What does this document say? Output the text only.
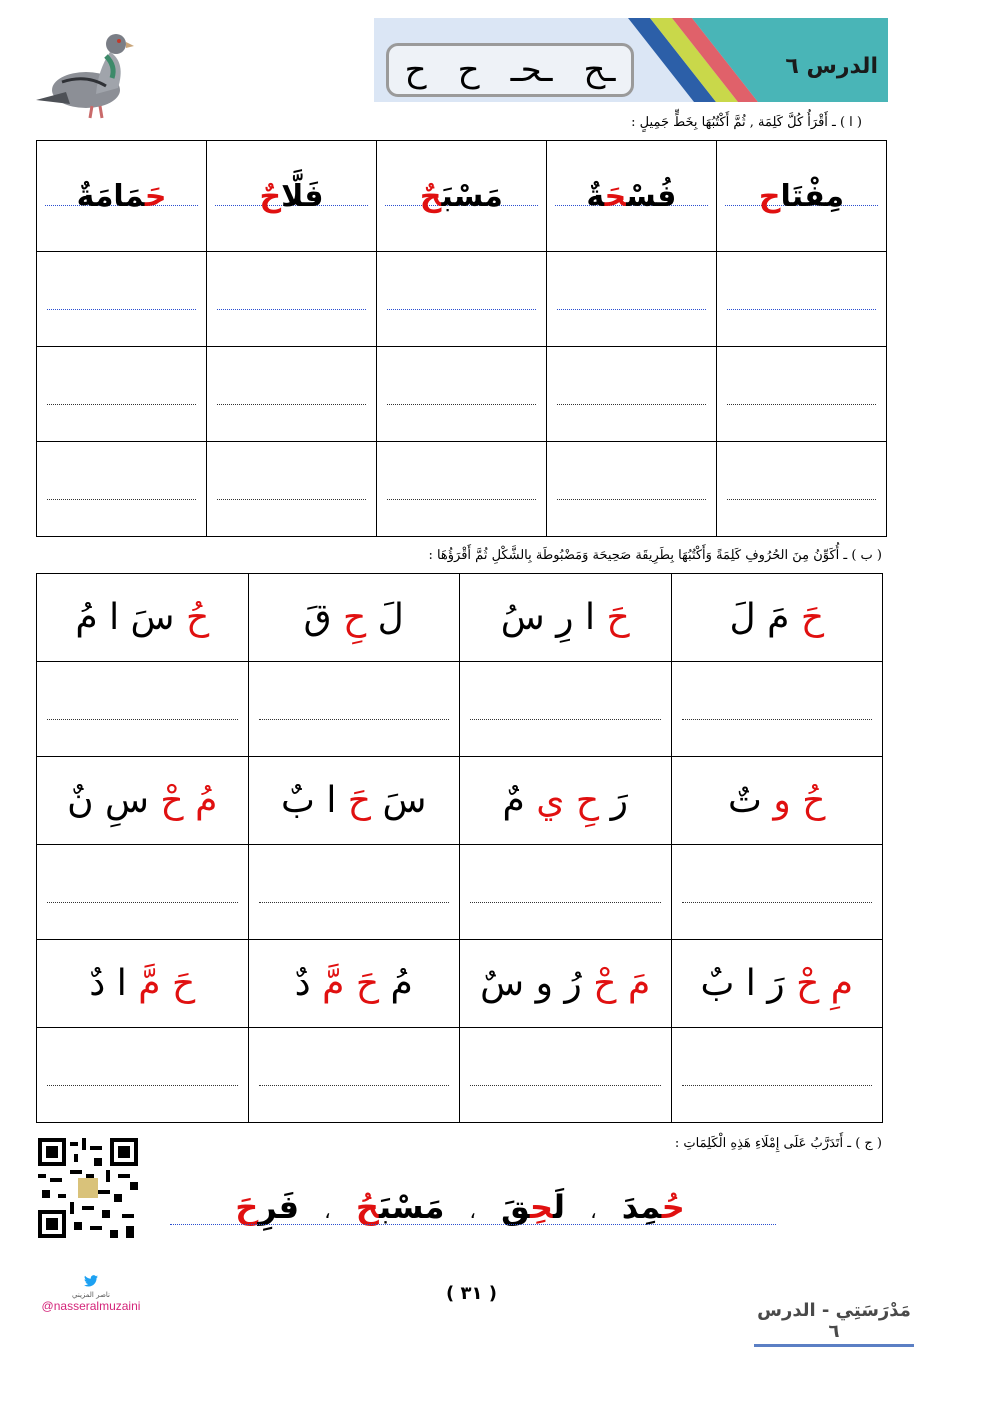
ـح
ـحـ
ح
ح	الدرس ٦
( ا ) ـ أَقْرَأُ كُلَّ كَلِمَة , ثُمَّ أَكْتُبُهَا بِخَطٍّ جَمِيلٍ :
مِفْتَاح	فُسْحَةٌ	مَسْبَحٌ	فَلَّاحٌ	حَمَامَةٌ

( ب ) ـ أُكَوِّنُ مِنَ الحُرُوفِ كَلِمَةً وَأَكْتُبُهَا بِطَرِيقَة صَحِيحَة وَمَضْبُوطَة بِالشَّكْلِ ثُمَّ أَقْرَؤُهَا :
حَ مَ لَ	حَ ا رِ سُ	لَ حِ قَ	حُ سَ ا مُ

حُ و تٌ	رَ حِ ي مٌ	سَ حَ ا بٌ	مُ حْ سِ نٌ

مِ حْ رَ ا بٌ	مَ حْ رُ و سٌ	مُ حَ مَّ دٌ	حَ مَّ ا دٌ

( ج ) ـ أَتَدَرَّبُ عَلَى إِمْلَاءِ هَذِهِ الْكَلِمَاتِ :
حُمِدَ ، لَحِقَ ، مَسْبَحُ ، فَرِحَ
ناصر المزيني
@nasseralmuzaini
( ٣١ )
مَدْرَسَتِي - الدرس ٦
